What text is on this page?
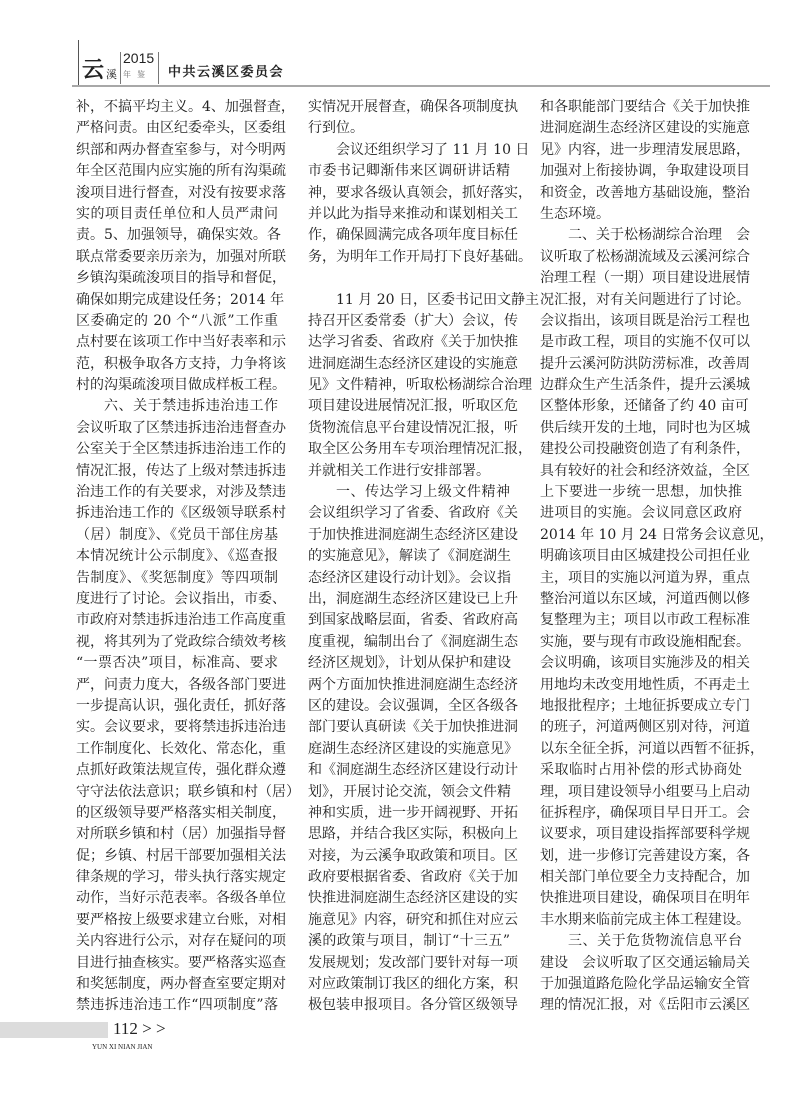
云 溪
2015
年鉴 中共云溪区委员会
补，不搞平均主义。4、加强督查，
严格问责。由区纪委牵头，区委组
织部和两办督查室参与，对今明两
年全区范围内应实施的所有沟渠疏
浚项目进行督查，对没有按要求落
实的项目责任单位和人员严肃问
责。5、加强领导，确保实效。各
联点常委要亲历亲为，加强对所联
乡镇沟渠疏浚项目的指导和督促，
确保如期完成建设任务；2014 年
区委确定的 20 个“八派”工作重
点村要在该项工作中当好表率和示
范，积极争取各方支持，力争将该
村的沟渠疏浚项目做成样板工程。
六、关于禁违拆违治违工作
会议听取了区禁违拆违治违督查办
公室关于全区禁违拆违治违工作的
情况汇报，传达了上级对禁违拆违
治违工作的有关要求，对涉及禁违
拆违治违工作的《区级领导联系村
（居）制度》、《党员干部住房基
本情况统计公示制度》、《巡查报
告制度》、《奖惩制度》等四项制
度进行了讨论。会议指出，市委、
市政府对禁违拆违治违工作高度重
视，将其列为了党政综合绩效考核
“一票否决”项目，标准高、要求
严，问责力度大，各级各部门要进
一步提高认识，强化责任，抓好落
实。会议要求，要将禁违拆违治违
工作制度化、长效化、常态化，重
点抓好政策法规宣传，强化群众遵
守守法依法意识；联乡镇和村（居）
的区级领导要严格落实相关制度，
对所联乡镇和村（居）加强指导督
促；乡镇、村居干部要加强相关法
律条规的学习，带头执行落实规定
动作，当好示范表率。各级各单位
要严格按上级要求建立台账，对相
关内容进行公示，对存在疑问的项
目进行抽查核实。要严格落实巡查
和奖惩制度，两办督查室要定期对
禁违拆违治违工作“四项制度”落
实情况开展督查，确保各项制度执
行到位。
会议还组织学习了 11 月 10 日
市委书记卿渐伟来区调研讲话精
神，要求各级认真领会，抓好落实，
并以此为指导来推动和谋划相关工
作，确保圆满完成各项年度目标任
务，为明年工作开局打下良好基础。
11 月 20 日，区委书记田文静主
持召开区委常委（扩大）会议，传
达学习省委、省政府《关于加快推
进洞庭湖生态经济区建设的实施意
见》文件精神，听取松杨湖综合治理
项目建设进展情况汇报，听取区危
货物流信息平台建设情况汇报，听
取全区公务用车专项治理情况汇报，
并就相关工作进行安排部署。
一、传达学习上级文件精神
会议组织学习了省委、省政府《关
于加快推进洞庭湖生态经济区建设
的实施意见》，解读了《洞庭湖生
态经济区建设行动计划》。会议指
出，洞庭湖生态经济区建设已上升
到国家战略层面，省委、省政府高
度重视，编制出台了《洞庭湖生态
经济区规划》，计划从保护和建设
两个方面加快推进洞庭湖生态经济
区的建设。会议强调，全区各级各
部门要认真研读《关于加快推进洞
庭湖生态经济区建设的实施意见》
和《洞庭湖生态经济区建设行动计
划》，开展讨论交流，领会文件精
神和实质，进一步开阔视野、开拓
思路，并结合我区实际，积极向上
对接，为云溪争取政策和项目。区
政府要根据省委、省政府《关于加
快推进洞庭湖生态经济区建设的实
施意见》内容，研究和抓住对应云
溪的政策与项目，制订“十三五”
发展规划；发改部门要针对每一项
对应政策制订我区的细化方案，积
极包装申报项目。各分管区级领导
和各职能部门要结合《关于加快推
进洞庭湖生态经济区建设的实施意
见》内容，进一步理清发展思路，
加强对上衔接协调，争取建设项目
和资金，改善地方基础设施，整治
生态环境。
二、关于松杨湖综合治理　会
议听取了松杨湖流域及云溪河综合
治理工程（一期）项目建设进展情
况汇报，对有关问题进行了讨论。
会议指出，该项目既是治污工程也
是市政工程，项目的实施不仅可以
提升云溪河防洪防涝标准，改善周
边群众生产生活条件，提升云溪城
区整体形象，还储备了约 40 亩可
供后续开发的土地，同时也为区城
建投公司投融资创造了有利条件，
具有较好的社会和经济效益，全区
上下要进一步统一思想，加快推
进项目的实施。会议同意区政府
2014 年 10 月 24 日常务会议意见，
明确该项目由区城建投公司担任业
主，项目的实施以河道为界，重点
整治河道以东区域，河道西侧以修
复整理为主；项目以市政工程标准
实施，要与现有市政设施相配套。
会议明确，该项目实施涉及的相关
用地均未改变用地性质，不再走土
地报批程序；土地征拆要成立专门
的班子，河道两侧区别对待，河道
以东全征全拆，河道以西暂不征拆，
采取临时占用补偿的形式协商处
理，项目建设领导小组要马上启动
征拆程序，确保项目早日开工。会
议要求，项目建设指挥部要科学规
划，进一步修订完善建设方案，各
相关部门单位要全力支持配合，加
快推进项目建设，确保项目在明年
丰水期来临前完成主体工程建设。
三、关于危货物流信息平台
建设　会议听取了区交通运输局关
于加强道路危险化学品运输安全管
理的情况汇报，对《岳阳市云溪区
112 > >
YUN XI NIAN JIAN
